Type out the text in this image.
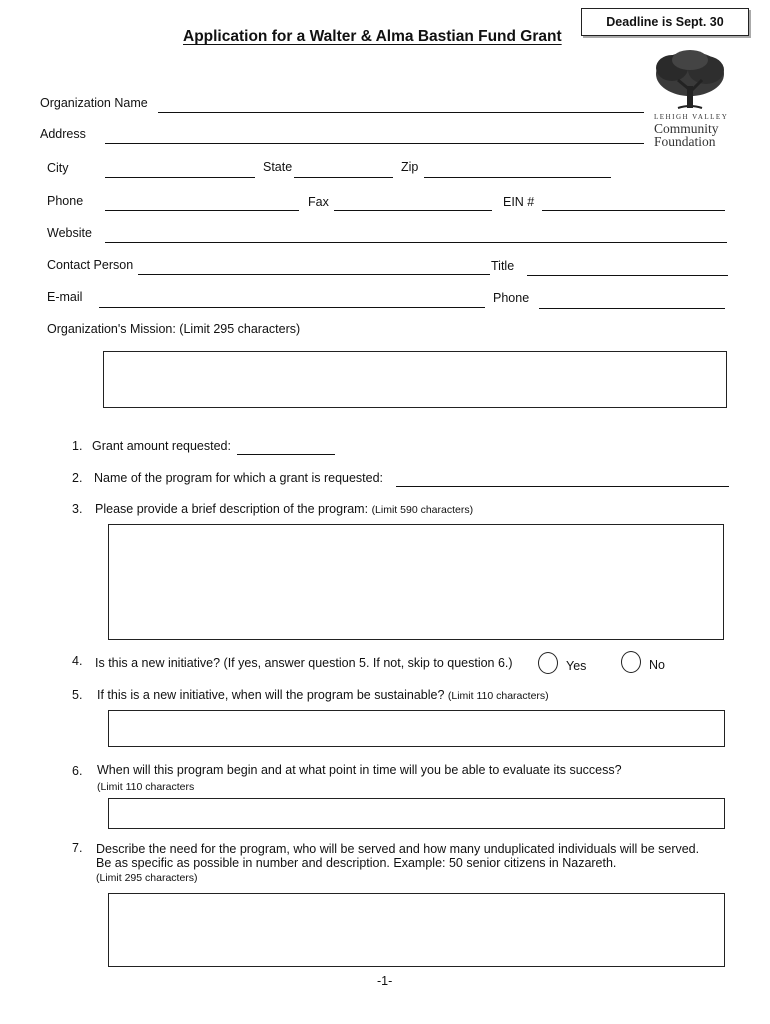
Deadline is Sept. 30
Application for a Walter & Alma Bastian Fund Grant
LEHIGH VALLEY
Community
Foundation
Organization Name
Address
City	State	Zip
Phone	Fax	EIN #
Website
Contact Person	Title
E-mail	Phone
Organization's Mission: (Limit 295 characters)
1. Grant amount requested:
2. Name of the program for which a grant is requested:
3. Please provide a brief description of the program: (Limit 590 characters)
4. Is this a new initiative? (If yes, answer question 5. If not, skip to question 6.)	Yes	No
5. If this is a new initiative, when will the program be sustainable? (Limit 110 characters)
6. When will this program begin and at what point in time will you be able to evaluate its success?
(Limit 110 characters
7. Describe the need for the program, who will be served and how many unduplicated individuals will be served.
Be as specific as possible in number and description. Example: 50 senior citizens in Nazareth.
(Limit 295 characters)
-1-
